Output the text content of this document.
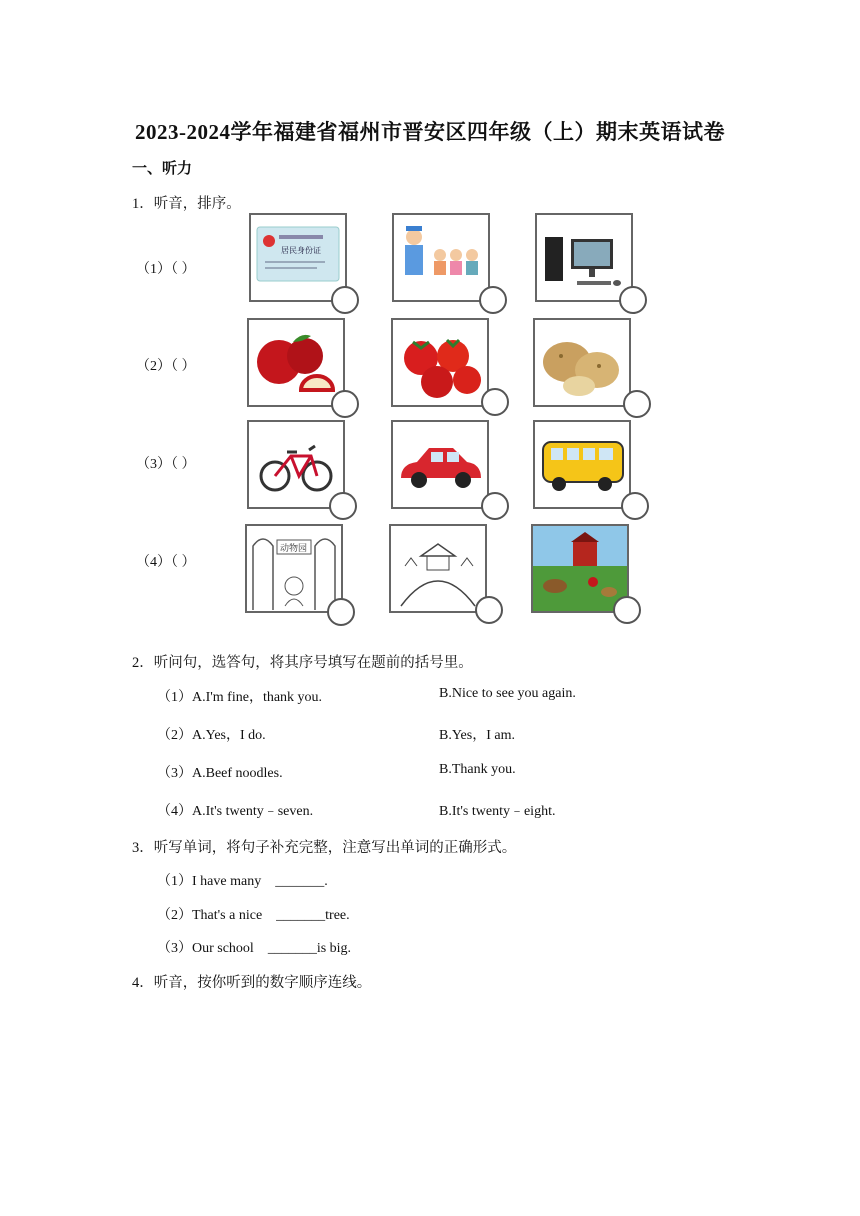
2023-2024学年福建省福州市晋安区四年级（上）期末英语试卷
一、听力
1．听音，排序。
（1）（ ）
居民身份证
（2）（ ）
（3）（ ）
（4）（ ）
动物园
2．听问句，选答句，将其序号填写在题前的括号里。
（1）A.I'm fine，thank you.	B.Nice to see you again.
（2）A.Yes，I do.	B.Yes，I am.
（3）A.Beef noodles.	B.Thank you.
（4）A.It's twenty﹣seven.	B.It's twenty﹣eight.
3．听写单词，将句子补充完整，注意写出单词的正确形式。
（1）I have many    _______.
（2）That's a nice    _______tree.
（3）Our school    _______is big.
4．听音，按你听到的数字顺序连线。
